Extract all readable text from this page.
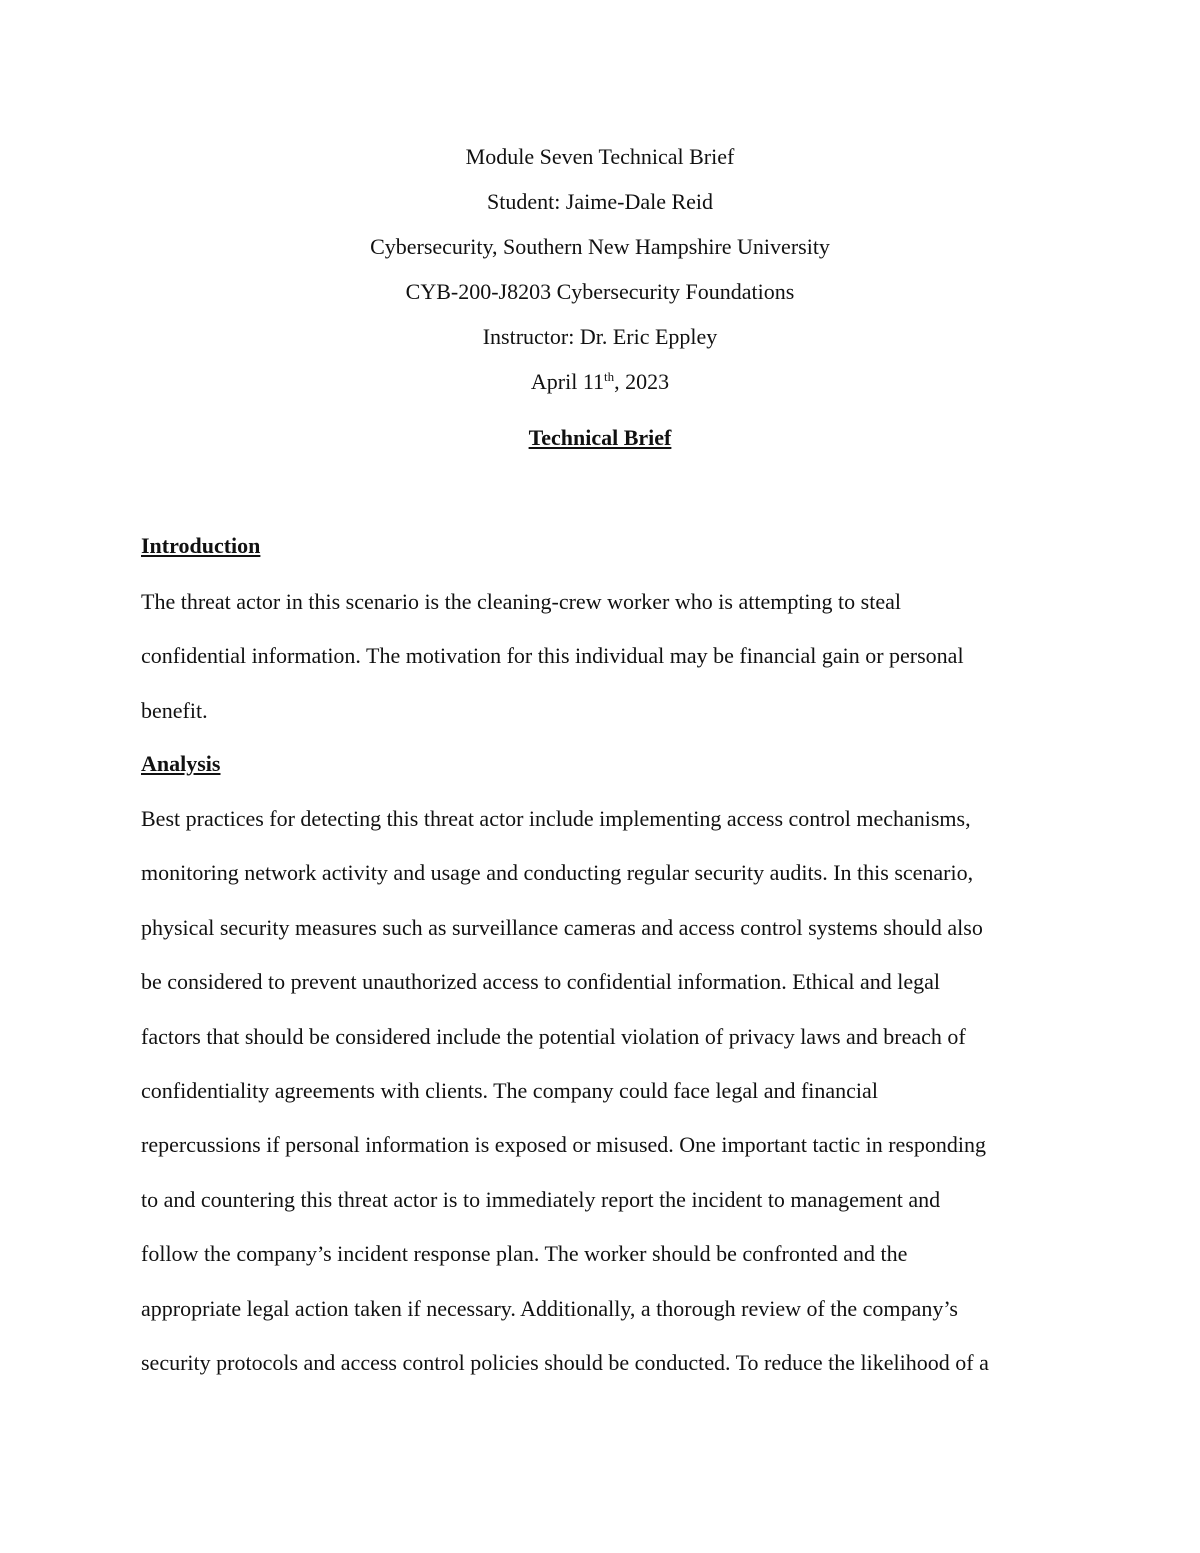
Module Seven Technical Brief
Student: Jaime-Dale Reid
Cybersecurity, Southern New Hampshire University
CYB-200-J8203 Cybersecurity Foundations
Instructor: Dr. Eric Eppley
April 11th, 2023
Technical Brief
Introduction
The threat actor in this scenario is the cleaning-crew worker who is attempting to steal
confidential information. The motivation for this individual may be financial gain or personal
benefit.
Analysis
Best practices for detecting this threat actor include implementing access control mechanisms,
monitoring network activity and usage and conducting regular security audits. In this scenario,
physical security measures such as surveillance cameras and access control systems should also
be considered to prevent unauthorized access to confidential information. Ethical and legal
factors that should be considered include the potential violation of privacy laws and breach of
confidentiality agreements with clients. The company could face legal and financial
repercussions if personal information is exposed or misused. One important tactic in responding
to and countering this threat actor is to immediately report the incident to management and
follow the company’s incident response plan. The worker should be confronted and the
appropriate legal action taken if necessary. Additionally, a thorough review of the company’s
security protocols and access control policies should be conducted. To reduce the likelihood of a
